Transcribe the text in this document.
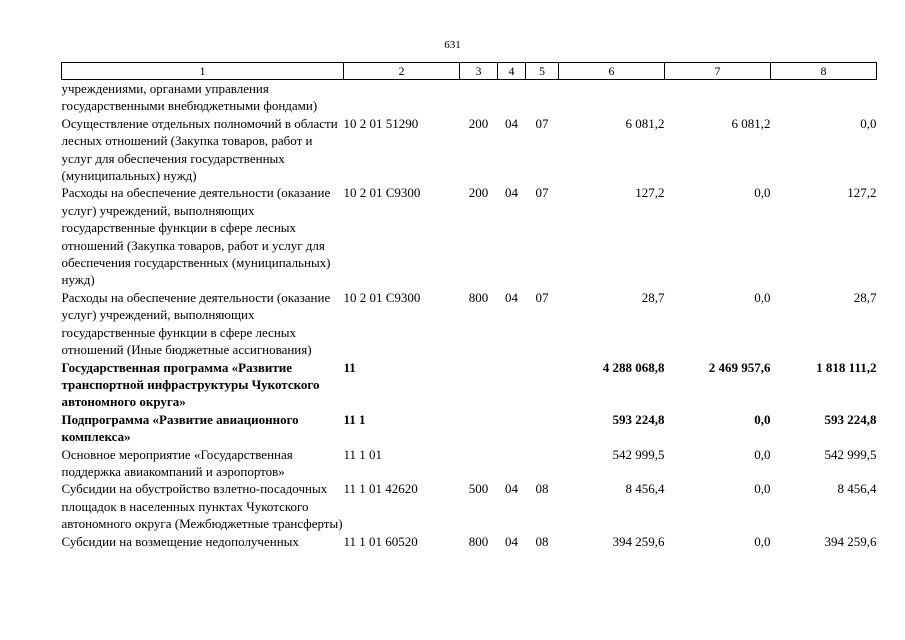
631
1	2	3	4	5	6	7	8
учреждениями, органами управления государственными внебюджетными фондами)							
Осуществление отдельных полномочий в области лесных отношений (Закупка товаров, работ и услуг для обеспечения государственных (муниципальных) нужд)	10 2 01 51290	200	04	07	6 081,2	6 081,2	0,0
Расходы на обеспечение деятельности (оказание услуг) учреждений, выполняющих государственные функции в сфере лесных отношений (Закупка товаров, работ и услуг для обеспечения государственных (муниципальных) нужд)	10 2 01 С9300	200	04	07	127,2	0,0	127,2
Расходы на обеспечение деятельности (оказание услуг) учреждений, выполняющих государственные функции в сфере лесных отношений (Иные бюджетные ассигнования)	10 2 01 С9300	800	04	07	28,7	0,0	28,7
Государственная программа «Развитие транспортной инфраструктуры Чукотского автономного округа»	11				4 288 068,8	2 469 957,6	1 818 111,2
Подпрограмма «Развитие авиационного комплекса»	11 1				593 224,8	0,0	593 224,8
Основное мероприятие «Государственная поддержка авиакомпаний и аэропортов»	11 1 01				542 999,5	0,0	542 999,5
Субсидии на обустройство взлетно-посадочных площадок в населенных пунктах Чукотского автономного округа (Межбюджетные трансферты)	11 1 01 42620	500	04	08	8 456,4	0,0	8 456,4
Субсидии на возмещение недополученных	11 1 01 60520	800	04	08	394 259,6	0,0	394 259,6
